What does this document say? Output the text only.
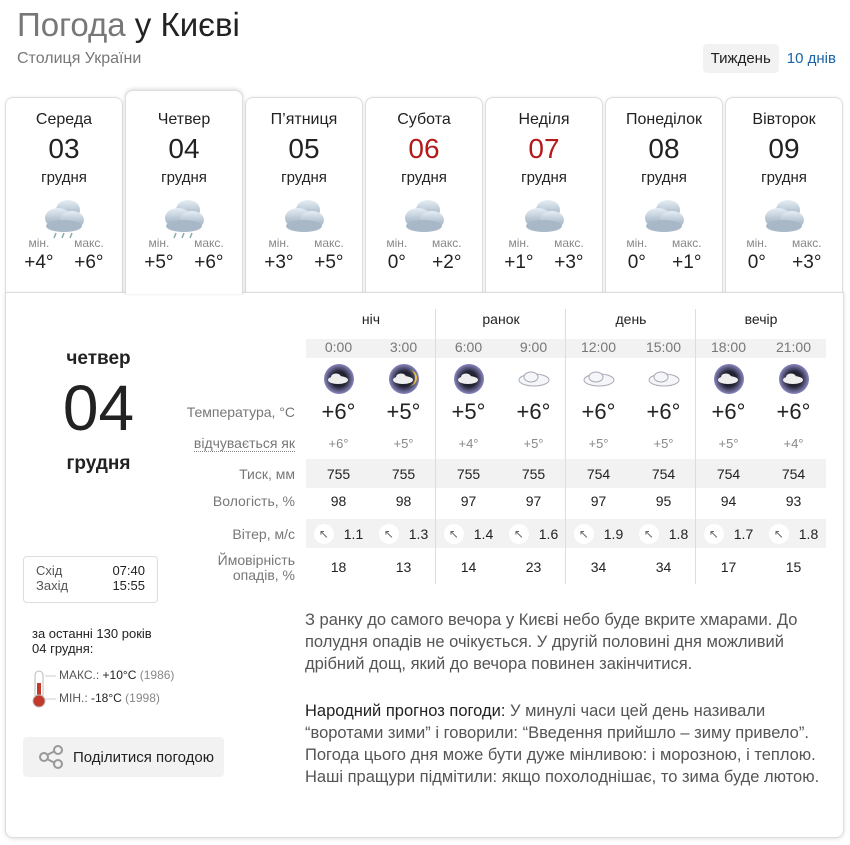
Погода у Києві
Столиця України	Тиждень	10 днів
Середа
03
грудня
мін.
+4°
макс.
+6°
Четвер
04
грудня
мін.
+5°
макс.
+6°
П’ятниця
05
грудня
мін.
+3°
макс.
+5°
Субота
06
грудня
мін.
0°
макс.
+2°
Неділя
07
грудня
мін.
+1°
макс.
+3°
Понеділок
08
грудня
мін.
0°
макс.
+1°
Вівторок
09
грудня
мін.
0°
макс.
+3°
четвер
04
грудня
Схід	07:40
Захід	15:55
за останні 130 років
04 грудня:
МАКС.: +10°C (1986)
МІН.: -18°C (1998)
Поділитися погодою
0:00	3:00	6:00	9:00	12:00	15:00	18:00	21:00
ніч	ранок	день	вечір
+6°	+5°	+5°	+6°	+6°	+6°	+6°	+6°
Температура, °C
+6°	+5°	+4°	+5°	+5°	+5°	+5°	+4°
відчувається як
755	755	755	755	754	754	754	754
Тиск, мм
98	98	97	97	97	95	94	93
Вологість, %
↖	1.1	↖	1.3	↖	1.4	↖	1.6	↖	1.9	↖	1.8	↖	1.7	↖	1.8
Вітер, м/с
18	13	14	23	34	34	17	15
Ймовірність
опадів, %
З ранку до самого вечора у Києві небо буде вкрите хмарами. До полудня опадів не очікується. У другій половині дня можливий дрібний дощ, який до вечора повинен закінчитися.
Народний прогноз погоди: У минулі часи цей день називали “воротами зими” і говорили: “Введення прийшло – зиму привело”. Погода цього дня може бути дуже мінливою: і морозною, і теплою. Наші пращури підмітили: якщо похолоднішає, то зима буде лютою.
